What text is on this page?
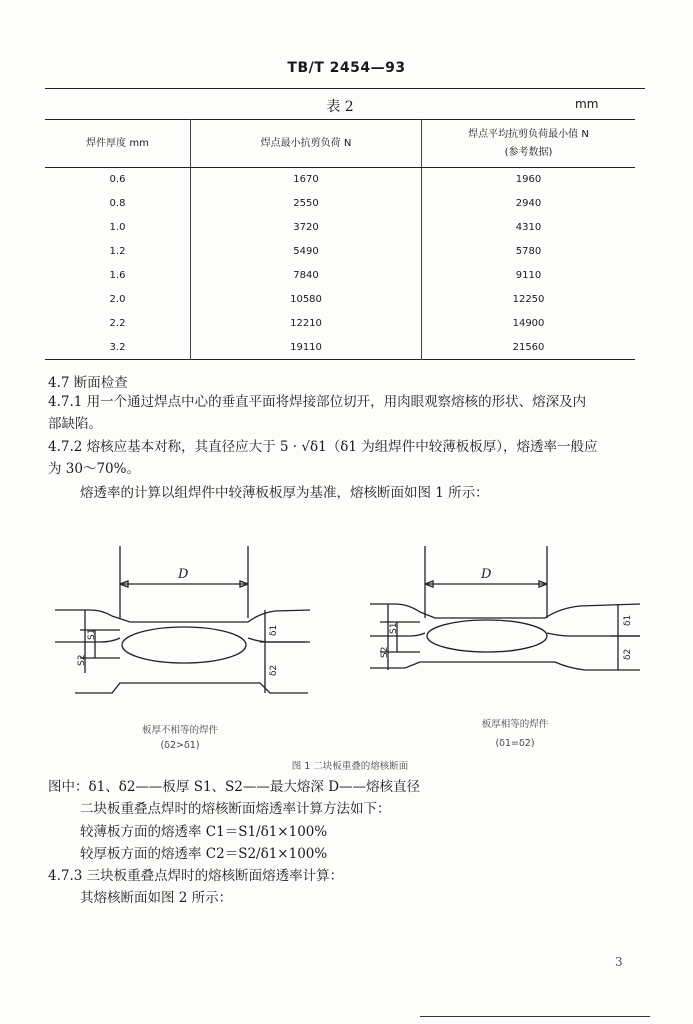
TB/T 2454—93
表 2	mm
焊件厚度 mm	焊点最小抗剪负荷 N	焊点平均抗剪负荷最小值 N
(参考数据)

0.6	1670	1960
0.8	2550	2940
1.0	3720	4310
1.2	5490	5780
1.6	7840	9110
2.0	10580	12250
2.2	12210	14900
3.2	19110	21560
4.7 断面检查
4.7.1 用一个通过焊点中心的垂直平面将焊接部位切开，用肉眼观察熔核的形状、熔深及内
部缺陷。
4.7.2 熔核应基本对称，其直径应大于 5 · √δ1（δ1 为组焊件中较薄板板厚），熔透率一般应
为 30～70%。
熔透率的计算以组焊件中较薄板板厚为基准，熔核断面如图 1 所示：
D	D
S1
S2
δ1
δ2
S1
S2
δ1
δ2
板厚不相等的焊件
(δ2>δ1)
板厚相等的焊件
(δ1=δ2)
图 1 二块板重叠的熔核断面
图中：δ1、δ2——板厚 S1、S2——最大熔深 D——熔核直径
二块板重叠点焊时的熔核断面熔透率计算方法如下：
较薄板方面的熔透率 C1＝S1/δ1×100%
较厚板方面的熔透率 C2＝S2/δ1×100%
4.7.3 三块板重叠点焊时的熔核断面熔透率计算：
其熔核断面如图 2 所示：
3
